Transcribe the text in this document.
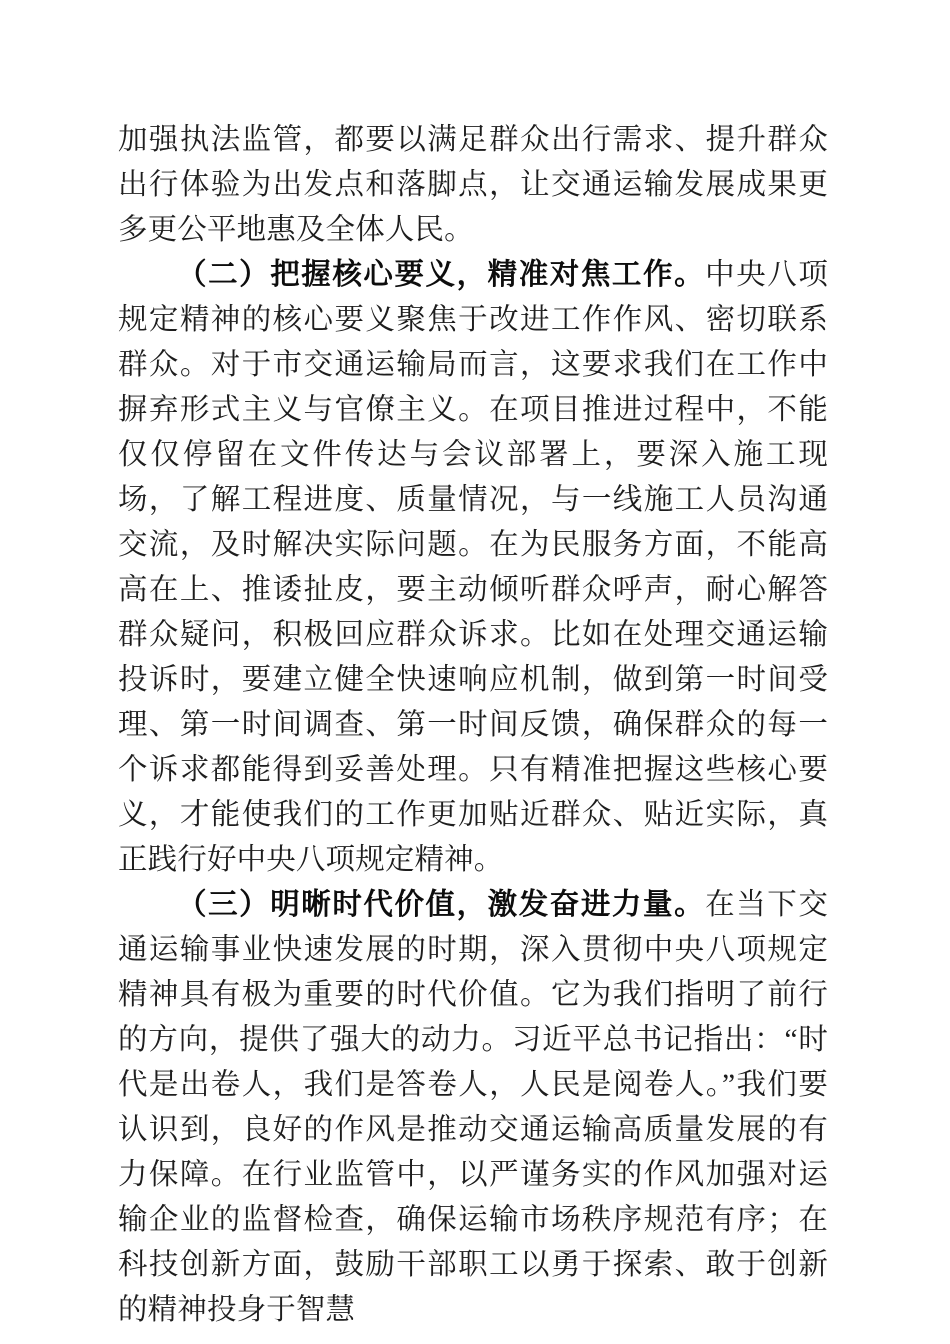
加强执法监管，都要以满足群众出行需求、提升群众出行体验为出发点和落脚点，让交通运输发展成果更多更公平地惠及全体人民。

（二）把握核心要义，精准对焦工作。中央八项规定精神的核心要义聚焦于改进工作作风、密切联系群众。对于市交通运输局而言，这要求我们在工作中摒弃形式主义与官僚主义。在项目推进过程中，不能仅仅停留在文件传达与会议部署上，要深入施工现场，了解工程进度、质量情况，与一线施工人员沟通交流，及时解决实际问题。在为民服务方面，不能高高在上、推诿扯皮，要主动倾听群众呼声，耐心解答群众疑问，积极回应群众诉求。比如在处理交通运输投诉时，要建立健全快速响应机制，做到第一时间受理、第一时间调查、第一时间反馈，确保群众的每一个诉求都能得到妥善处理。只有精准把握这些核心要义，才能使我们的工作更加贴近群众、贴近实际，真正践行好中央八项规定精神。

（三）明晰时代价值，激发奋进力量。在当下交通运输事业快速发展的时期，深入贯彻中央八项规定精神具有极为重要的时代价值。它为我们指明了前行的方向，提供了强大的动力。习近平总书记指出：“时代是出卷人，我们是答卷人，人民是阅卷人。”我们要认识到，良好的作风是推动交通运输高质量发展的有力保障。在行业监管中，以严谨务实的作风加强对运输企业的监督检查，确保运输市场秩序规范有序；在科技创新方面，鼓励干部职工以勇于探索、敢于创新的精神投身于智慧
